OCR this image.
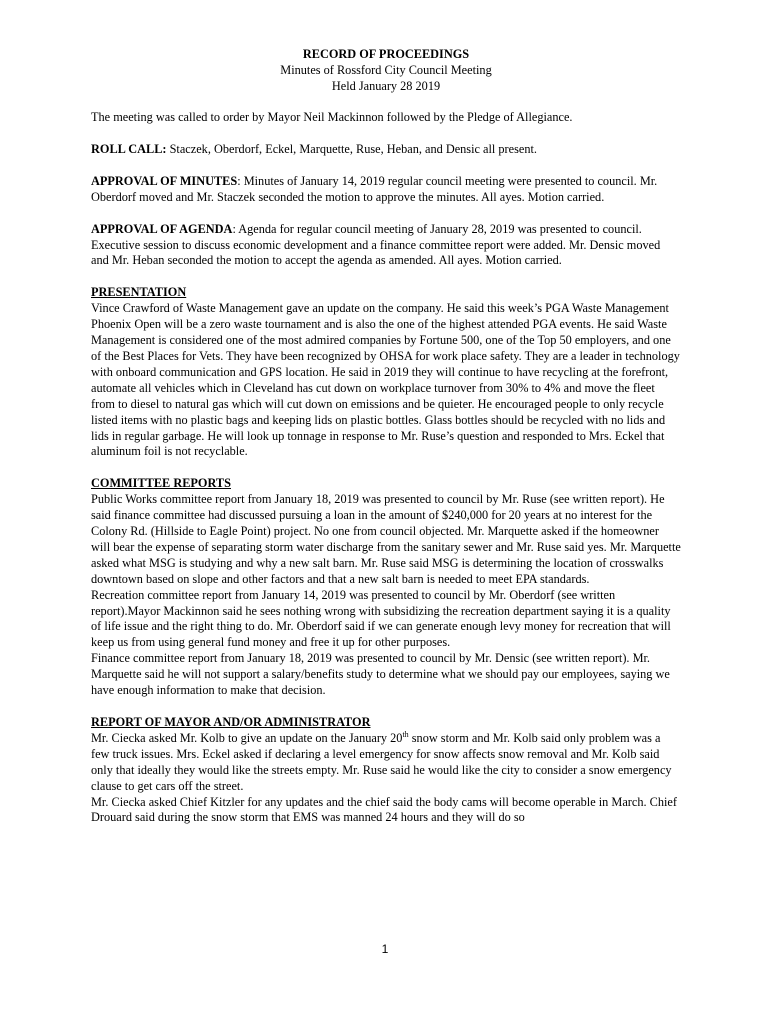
RECORD OF PROCEEDINGS
Minutes of Rossford City Council Meeting
Held January 28 2019

The meeting was called to order by Mayor Neil Mackinnon followed by the Pledge of Allegiance.

ROLL CALL: Staczek, Oberdorf, Eckel, Marquette, Ruse, Heban, and Densic all present.

APPROVAL OF MINUTES: Minutes of January 14, 2019 regular council meeting were presented to council. Mr. Oberdorf moved and Mr. Staczek seconded the motion to approve the minutes. All ayes. Motion carried.

APPROVAL OF AGENDA: Agenda for regular council meeting of January 28, 2019 was presented to council. Executive session to discuss economic development and a finance committee report were added. Mr. Densic moved and Mr. Heban seconded the motion to accept the agenda as amended. All ayes. Motion carried.

PRESENTATION

Vince Crawford of Waste Management gave an update on the company. He said this week’s PGA Waste Management Phoenix Open will be a zero waste tournament and is also the one of the highest attended PGA events. He said Waste Management is considered one of the most admired companies by Fortune 500, one of the Top 50 employers, and one of the Best Places for Vets. They have been recognized by OHSA for work place safety. They are a leader in technology with onboard communication and GPS location. He said in 2019 they will continue to have recycling at the forefront, automate all vehicles which in Cleveland has cut down on workplace turnover from 30% to 4% and move the fleet from to diesel to natural gas which will cut down on emissions and be quieter. He encouraged people to only recycle listed items with no plastic bags and keeping lids on plastic bottles. Glass bottles should be recycled with no lids and lids in regular garbage. He will look up tonnage in response to Mr. Ruse’s question and responded to Mrs. Eckel that aluminum foil is not recyclable.

COMMITTEE REPORTS

Public Works committee report from January 18, 2019 was presented to council by Mr. Ruse (see written report). He said finance committee had discussed pursuing a loan in the amount of $240,000 for 20 years at no interest for the Colony Rd. (Hillside to Eagle Point) project. No one from council objected. Mr. Marquette asked if the homeowner will bear the expense of separating storm water discharge from the sanitary sewer and Mr. Ruse said yes. Mr. Marquette asked what MSG is studying and why a new salt barn. Mr. Ruse said MSG is determining the location of crosswalks downtown based on slope and other factors and that a new salt barn is needed to meet EPA standards.

Recreation committee report from January 14, 2019 was presented to council by Mr. Oberdorf (see written report).Mayor Mackinnon said he sees nothing wrong with subsidizing the recreation department saying it is a quality of life issue and the right thing to do. Mr. Oberdorf said if we can generate enough levy money for recreation that will keep us from using general fund money and free it up for other purposes.

Finance committee report from January 18, 2019 was presented to council by Mr. Densic (see written report). Mr. Marquette said he will not support a salary/benefits study to determine what we should pay our employees, saying we have enough information to make that decision.

REPORT OF MAYOR AND/OR ADMINISTRATOR

Mr. Ciecka asked Mr. Kolb to give an update on the January 20th snow storm and Mr. Kolb said only problem was a few truck issues. Mrs. Eckel asked if declaring a level emergency for snow affects snow removal and Mr. Kolb said only that ideally they would like the streets empty. Mr. Ruse said he would like the city to consider a snow emergency clause to get cars off the street.

Mr. Ciecka asked Chief Kitzler for any updates and the chief said the body cams will become operable in March. Chief Drouard said during the snow storm that EMS was manned 24 hours and they will do so

1
